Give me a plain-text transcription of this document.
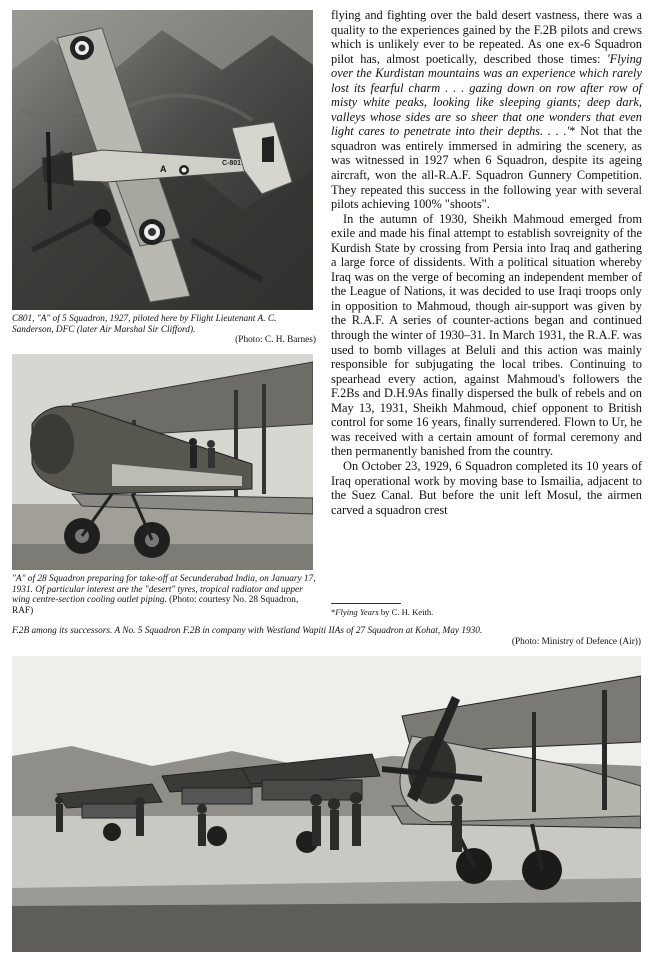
C-801
A
C801, "A" of 5 Squadron, 1927, piloted here by Flight Lieutenant A. C. Sanderson, DFC (later Air Marshal Sir Clifford).
(Photo: C. H. Barnes)
"A" of 28 Squadron preparing for take-off at Secunderabad India, on January 17, 1931. Of particular interest are the "desert" tyres, tropical radiator and upper wing centre-section cooling outlet piping. (Photo: courtesy No. 28 Squadron, RAF)

flying and fighting over the bald desert vastness, there was a quality to the experiences gained by the F.2B pilots and crews which is unlikely ever to be repeated. As one ex-6 Squadron pilot has, almost poetically, described those times: 'Flying over the Kurdistan mountains was an experience which rarely lost its fearful charm . . . gazing down on row after row of misty white peaks, looking like sleeping giants; deep dark, valleys whose sides are so sheer that one wonders that even light cares to penetrate into their depths. . . .'* Not that the squadron was entirely immersed in admiring the scenery, as was witnessed in 1927 when 6 Squadron, despite its ageing aircraft, won the all-R.A.F. Squadron Gunnery Competition. They repeated this success in the following year with several pilots achieving 100% "shoots".

In the autumn of 1930, Sheikh Mahmoud emerged from exile and made his final attempt to establish sovreignity of the Kurdish State by crossing from Persia into Iraq and gathering a large force of dissidents. With a political situation whereby Iraq was on the verge of becoming an independent member of the League of Nations, it was decided to use Iraqi troops only in opposition to Mahmoud, though air-support was given by the R.A.F. A series of counter-actions began and continued through the winter of 1930–31. In March 1931, the R.A.F. was used to bomb villages at Beluli and this action was mainly responsible for subjugating the local tribes. Continuing to spearhead every action, against Mahmoud's followers the F.2Bs and D.H.9As finally dispersed the bulk of rebels and on May 13, 1931, Sheikh Mahmoud, chief opponent to British control for some 16 years, finally surrendered. Flown to Ur, he was received with a certain amount of formal ceremony and then permanently banished from the country.

On October 23, 1929, 6 Squadron completed its 10 years of Iraq operational work by moving base to Ismailia, adjacent to the Suez Canal. But before the unit left Mosul, the airmen carved a squadron crest

*Flying Years by C. H. Keith.
F.2B among its successors. A No. 5 Squadron F.2B in company with Westland Wapiti IIAs of 27 Squadron at Kohat, May 1930.
(Photo: Ministry of Defence (Air))
